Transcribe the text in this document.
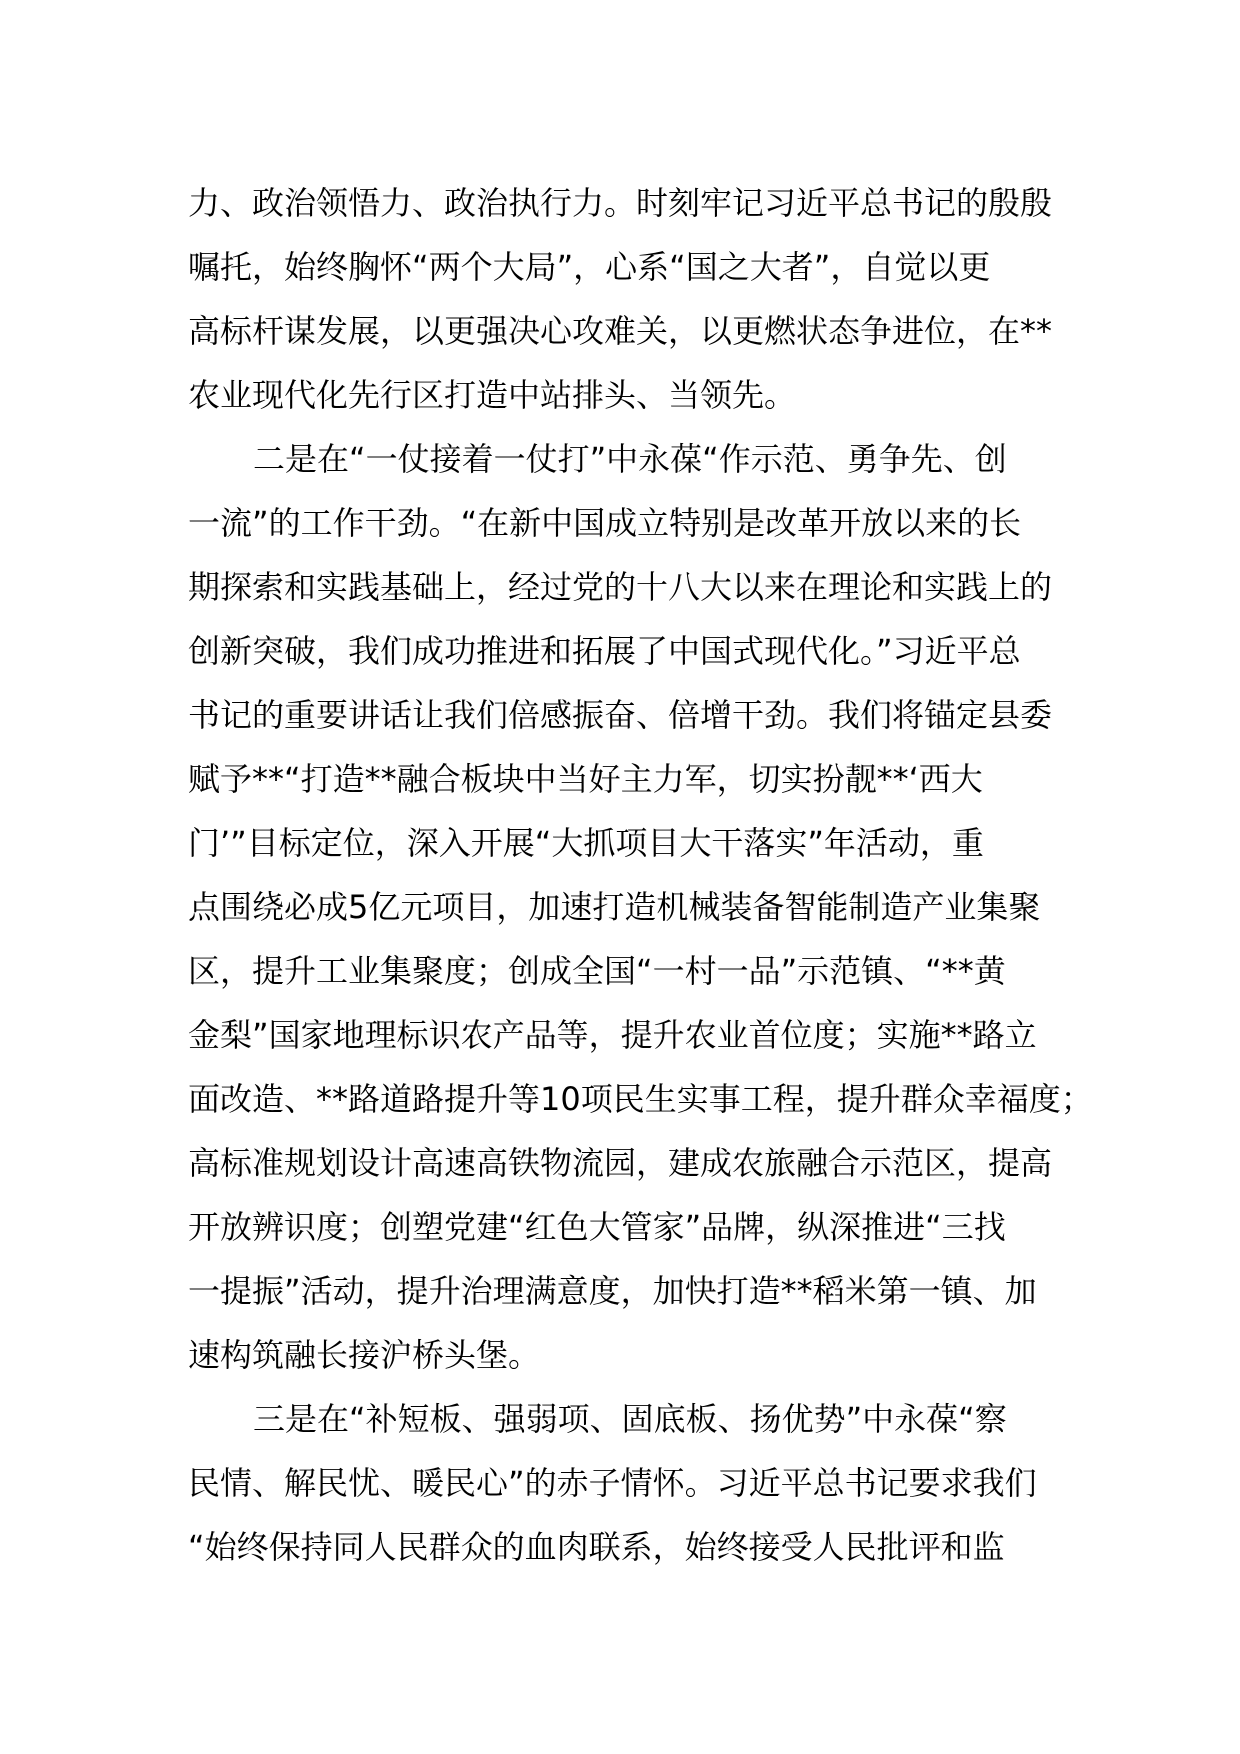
力、政治领悟力、政治执行力。时刻牢记习近平总书记的殷殷
嘱托，始终胸怀“两个大局”，心系“国之大者”，自觉以更
高标杆谋发展，以更强决心攻难关，以更燃状态争进位，在**
农业现代化先行区打造中站排头、当领先。
二是在“一仗接着一仗打”中永葆“作示范、勇争先、创
一流”的工作干劲。“在新中国成立特别是改革开放以来的长
期探索和实践基础上，经过党的十八大以来在理论和实践上的
创新突破，我们成功推进和拓展了中国式现代化。”习近平总
书记的重要讲话让我们倍感振奋、倍增干劲。我们将锚定县委
赋予**“打造**融合板块中当好主力军，切实扮靓**‘西大
门’”目标定位，深入开展“大抓项目大干落实”年活动，重
点围绕必成5亿元项目，加速打造机械装备智能制造产业集聚
区，提升工业集聚度；创成全国“一村一品”示范镇、“**黄
金梨”国家地理标识农产品等，提升农业首位度；实施**路立
面改造、**路道路提升等10项民生实事工程，提升群众幸福度；
高标准规划设计高速高铁物流园，建成农旅融合示范区，提高
开放辨识度；创塑党建“红色大管家”品牌，纵深推进“三找
一提振”活动，提升治理满意度，加快打造**稻米第一镇、加
速构筑融长接沪桥头堡。
三是在“补短板、强弱项、固底板、扬优势”中永葆“察
民情、解民忧、暖民心”的赤子情怀。习近平总书记要求我们
“始终保持同人民群众的血肉联系，始终接受人民批评和监
